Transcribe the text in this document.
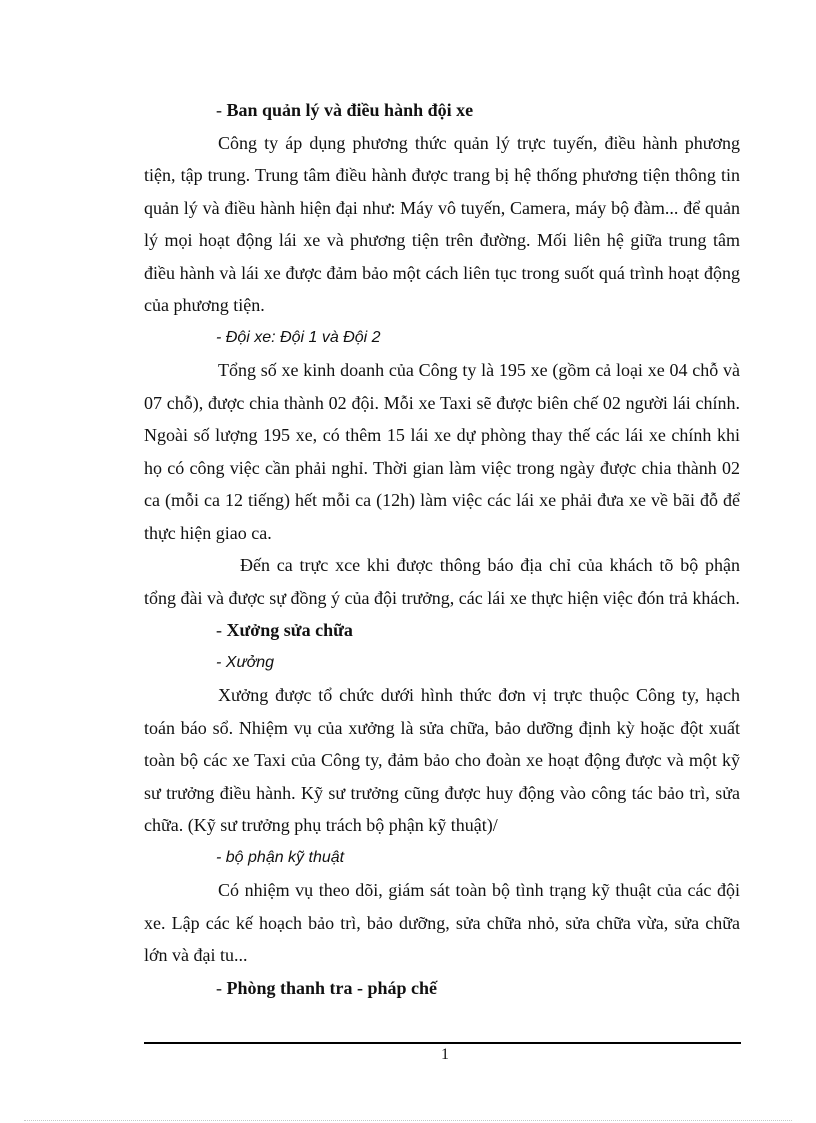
- Ban quản lý và điều hành đội xe

Công ty áp dụng phương thức quản lý trực tuyến, điều hành phương tiện, tập trung. Trung tâm điều hành được trang bị hệ thống phương tiện thông tin quản lý và điều hành hiện đại như: Máy vô tuyến, Camera, máy bộ đàm... để quản lý mọi hoạt động lái xe và phương tiện trên đường. Mối liên hệ giữa trung tâm điều hành và lái xe được đảm bảo một cách liên tục trong suốt quá trình hoạt động của phương tiện.

- Đội xe: Đội 1 và Đội 2

Tổng số xe kinh doanh của Công ty là 195 xe (gồm cả loại xe 04 chỗ và 07 chỗ), được chia thành 02 đội. Mỗi xe Taxi sẽ được biên chế 02 người lái chính. Ngoài số lượng 195 xe, có thêm 15 lái xe dự phòng thay thế các lái xe chính khi họ có công việc cần phải nghỉ. Thời gian làm việc trong ngày được chia thành 02 ca (mỗi ca 12 tiếng) hết mỗi ca (12h) làm việc các lái xe phải đưa xe về bãi đỗ để thực hiện giao ca.

Đến ca trực xce khi được thông báo địa chỉ của khách tõ bộ phận tổng đài và được sự đồng ý của đội trưởng, các lái xe thực hiện việc đón trả khách.

- Xưởng sửa chữa

- Xưởng

Xưởng được tổ chức dưới hình thức đơn vị trực thuộc Công ty, hạch toán báo sổ. Nhiệm vụ của xưởng là sửa chữa, bảo dưỡng định kỳ hoặc đột xuất toàn bộ các xe Taxi của Công ty, đảm bảo cho đoàn xe hoạt động được và một kỹ sư trưởng điều hành. Kỹ sư trưởng cũng được huy động vào công tác bảo trì, sửa chữa. (Kỹ sư trưởng phụ trách bộ phận kỹ thuật)/

- bộ phận kỹ thuật

Có nhiệm vụ theo dõi, giám sát toàn bộ tình trạng kỹ thuật của các đội xe. Lập các kế hoạch bảo trì, bảo dưỡng, sửa chữa nhỏ, sửa chữa vừa, sửa chữa lớn và đại tu...

- Phòng thanh tra - pháp chế

1
